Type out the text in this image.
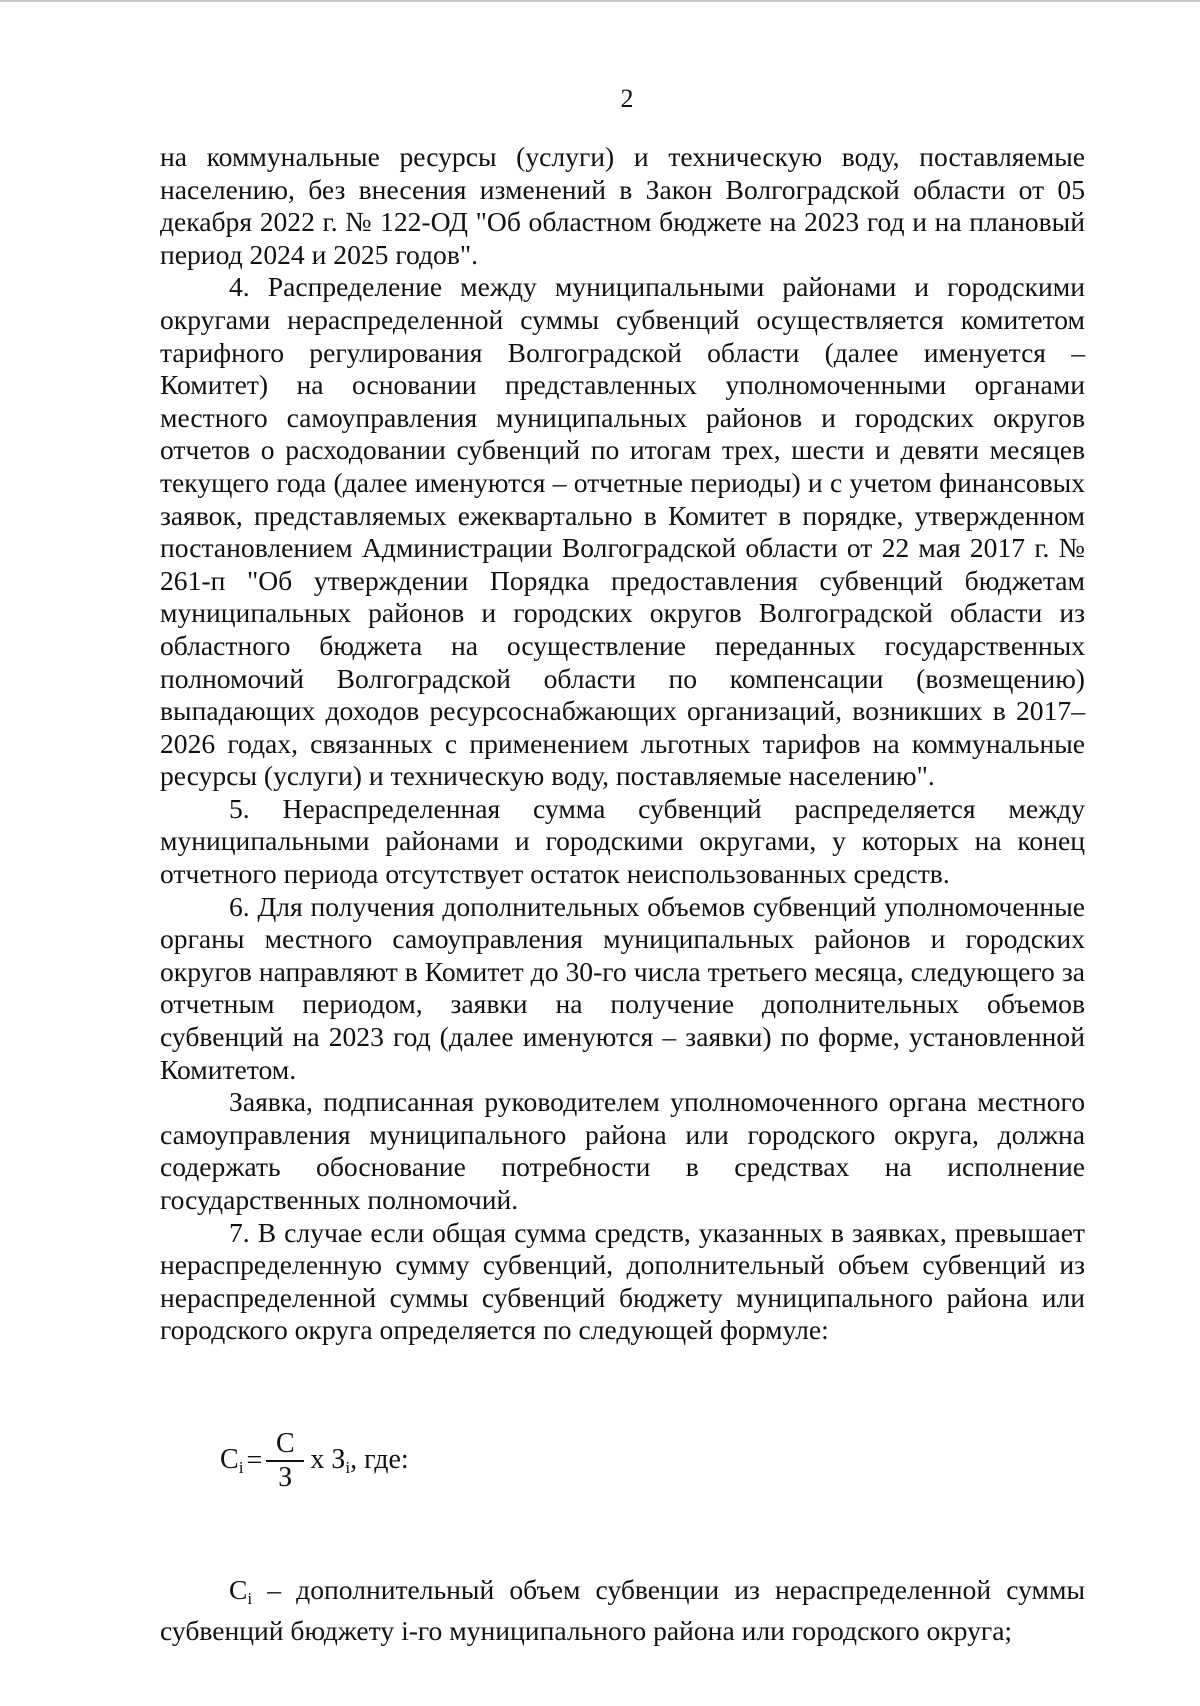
2

на коммунальные ресурсы (услуги) и техническую воду, поставляемые населению, без внесения изменений в Закон Волгоградской области от 05 декабря 2022 г. № 122-ОД "Об областном бюджете на 2023 год и на плановый период 2024 и 2025 годов".

4. Распределение между муниципальными районами и городскими округами нераспределенной суммы субвенций осуществляется комитетом тарифного регулирования Волгоградской области (далее именуется – Комитет) на основании представленных уполномоченными органами местного самоуправления муниципальных районов и городских округов отчетов о расходовании субвенций по итогам трех, шести и девяти месяцев текущего года (далее именуются – отчетные периоды) и с учетом финансовых заявок, представляемых ежеквартально в Комитет в порядке, утвержденном постановлением Администрации Волгоградской области от 22 мая 2017 г. № 261-п "Об утверждении Порядка предоставления субвенций бюджетам муниципальных районов и городских округов Волгоградской области из областного бюджета на осуществление переданных государственных полномочий Волгоградской области по компенсации (возмещению) выпадающих доходов ресурсоснабжающих организаций, возникших в 2017–2026 годах, связанных с применением льготных тарифов на коммунальные ресурсы (услуги) и техническую воду, поставляемые населению".

5. Нераспределенная сумма субвенций распределяется между муниципальными районами и городскими округами, у которых на конец отчетного периода отсутствует остаток неиспользованных средств.

6. Для получения дополнительных объемов субвенций уполномоченные органы местного самоуправления муниципальных районов и городских округов направляют в Комитет до 30-го числа третьего месяца, следующего за отчетным периодом, заявки на получение дополнительных объемов субвенций на 2023 год (далее именуются – заявки) по форме, установленной Комитетом.

Заявка, подписанная руководителем уполномоченного органа местного самоуправления муниципального района или городского округа, должна содержать обоснование потребности в средствах на исполнение государственных полномочий.

7. В случае если общая сумма средств, указанных в заявках, превышает нераспределенную сумму субвенций, дополнительный объем субвенций из нераспределенной суммы субвенций бюджету муниципального района или городского округа определяется по следующей формуле:

$C_i = \frac{C}{З}$ х $З_i$, где:

$C_i$ – дополнительный объем субвенции из нераспределенной суммы субвенций бюджету i-го муниципального района или городского округа;
